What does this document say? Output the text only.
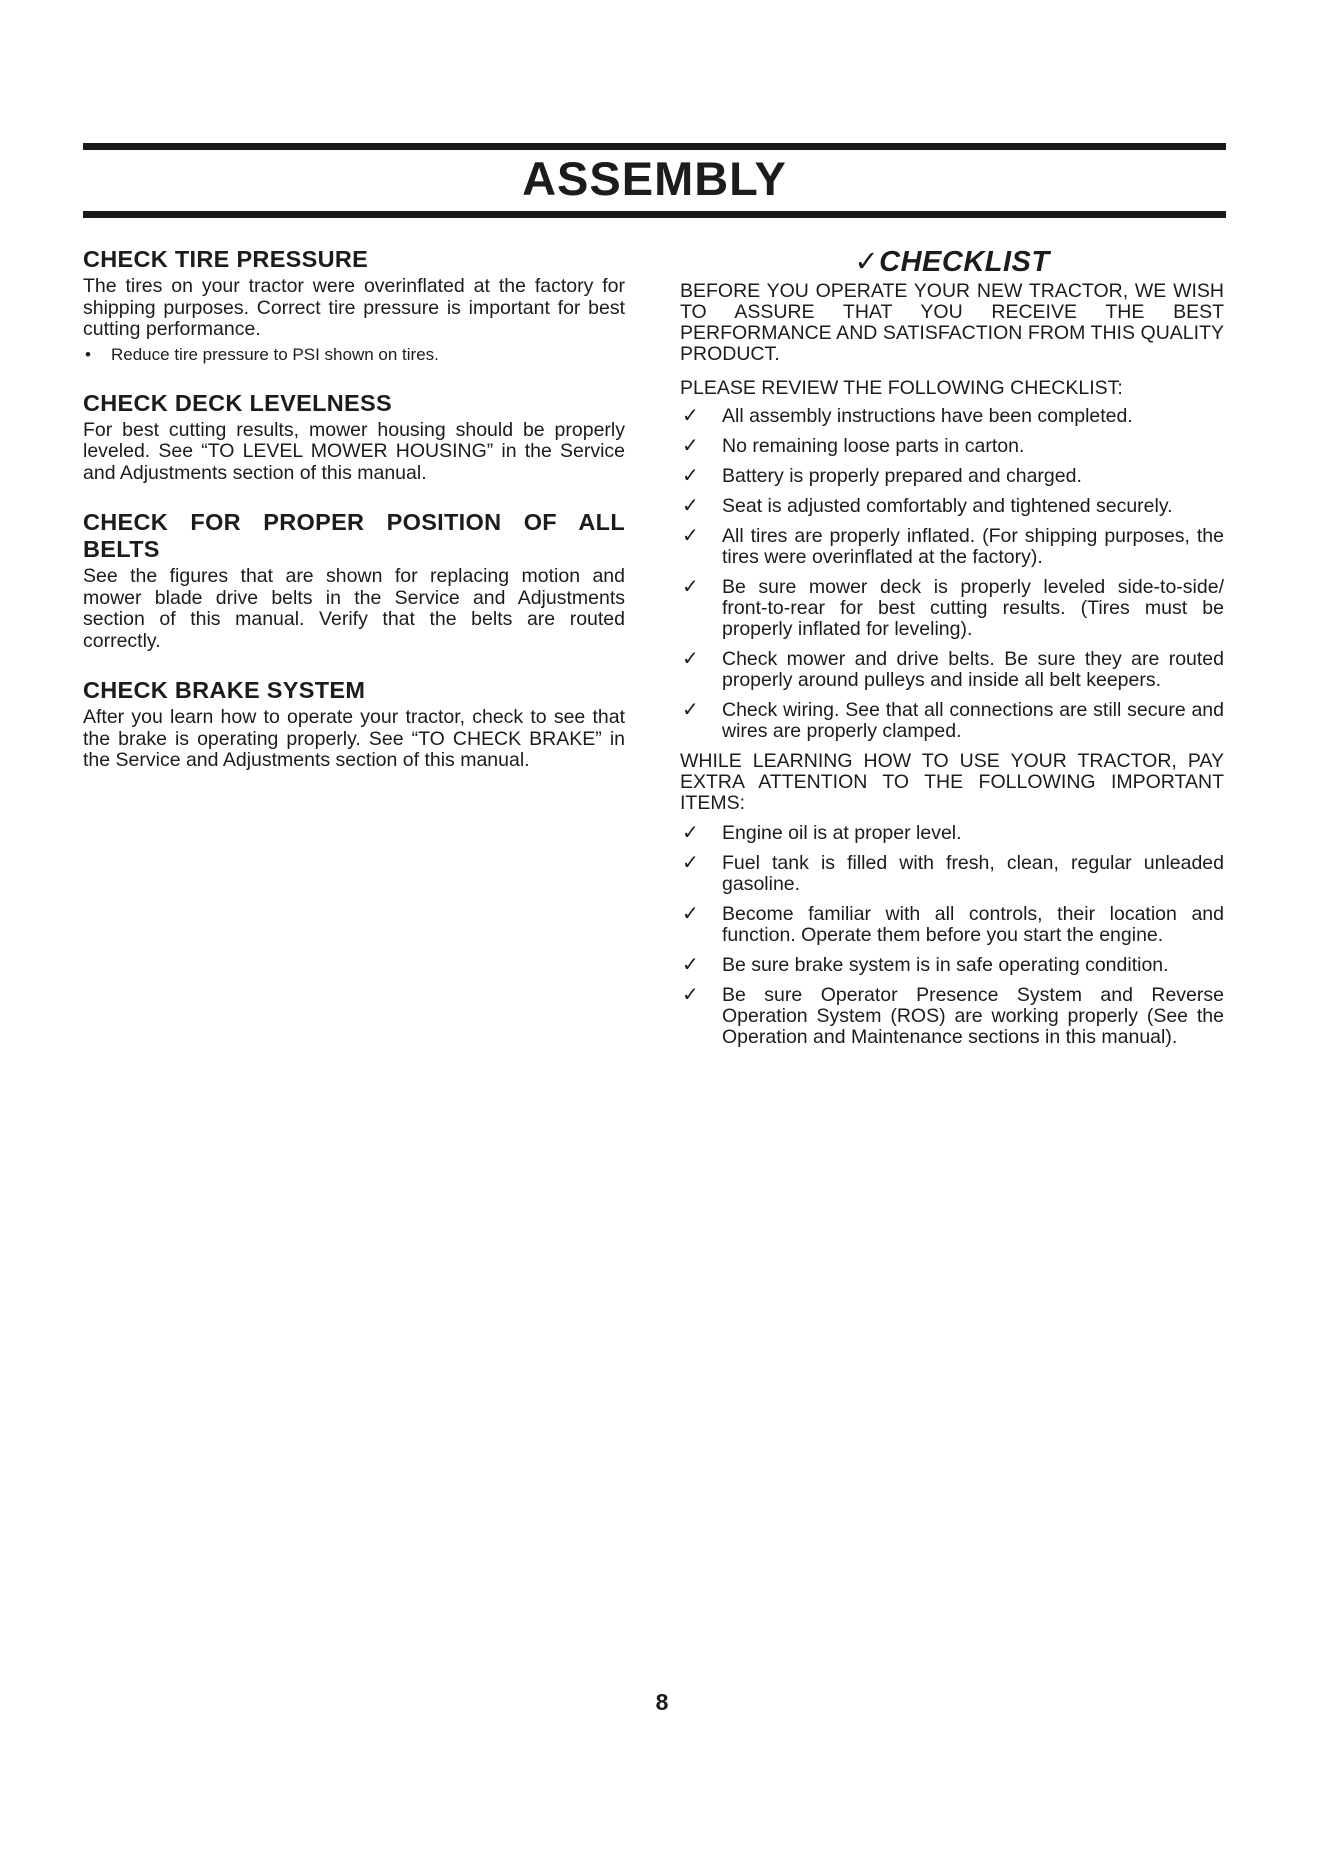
ASSEMBLY
CHECK TIRE PRESSURE

The tires on your tractor were overinflated at the factory for shipping purposes. Correct tire pressure is important for best cutting performance.

•	Reduce tire pressure to PSI shown on tires.
CHECK DECK LEVELNESS

For best cutting results, mower housing should be properly leveled. See “TO LEVEL MOWER HOUSING” in the Service and Adjustments section of this manual.

CHECK FOR PROPER POSITION OF ALL BELTS

See the figures that are shown for replacing motion and mower blade drive belts in the Service and Adjustments section of this manual. Verify that the belts are routed correctly.

CHECK BRAKE SYSTEM

After you learn how to operate your tractor, check to see that the brake is operating properly. See “TO CHECK BRAKE” in the Service and Adjustments section of this manual.

✓CHECKLIST

BEFORE YOU OPERATE YOUR NEW TRACTOR, WE WISH TO ASSURE THAT YOU RECEIVE THE BEST PERFORMANCE AND SATISFACTION FROM THIS QUALITY PRODUCT.

PLEASE REVIEW THE FOLLOWING CHECKLIST:

✓	All assembly instructions have been completed.
✓	No remaining loose parts in carton.
✓	Battery is properly prepared and charged.
✓	Seat is adjusted comfortably and tightened securely.
✓	All tires are properly inflated. (For shipping purposes, the tires were overinflated at the factory).
✓	Be sure mower deck is properly leveled side-to-side/ front-to-rear for best cutting results. (Tires must be properly inflated for leveling).
✓	Check mower and drive belts. Be sure they are routed properly around pulleys and inside all belt keepers.
✓	Check wiring. See that all connections are still secure and wires are properly clamped.

WHILE LEARNING HOW TO USE YOUR TRACTOR, PAY EXTRA ATTENTION TO THE FOLLOWING IMPORTANT ITEMS:

✓	Engine oil is at proper level.
✓	Fuel tank is filled with fresh, clean, regular unleaded gasoline.
✓	Become familiar with all controls, their location and function. Operate them before you start the engine.
✓	Be sure brake system is in safe operating condition.
✓	Be sure Operator Presence System and Reverse Operation System (ROS) are working properly (See the Operation and Maintenance sections in this manual).

8
